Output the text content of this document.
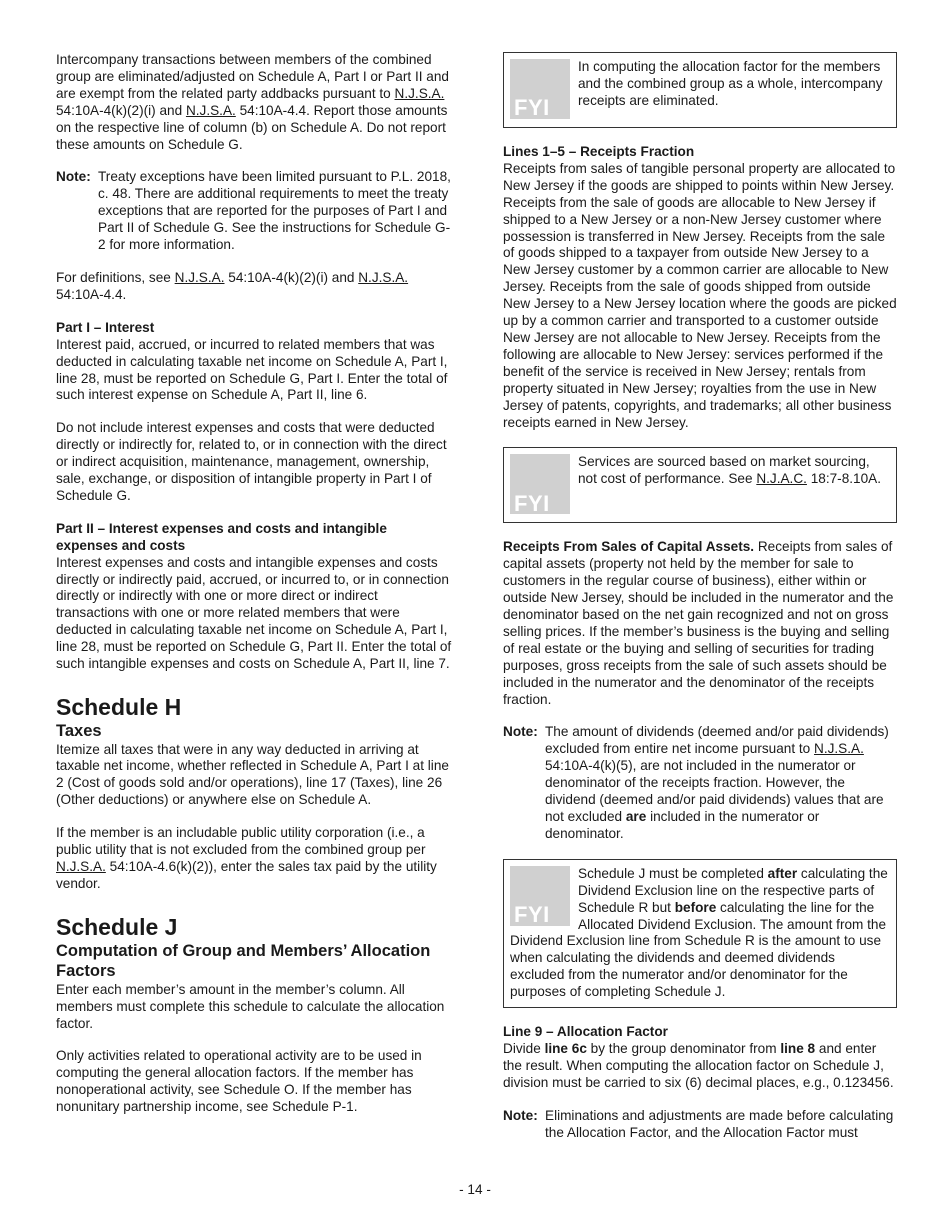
Intercompany transactions between members of the combined group are eliminated/adjusted on Schedule A, Part I or Part II and are exempt from the related party addbacks pursuant to N.J.S.A. 54:10A-4(k)(2)(i) and N.J.S.A. 54:10A-4.4. Report those amounts on the respective line of column (b) on Schedule A. Do not report these amounts on Schedule G.

Note: Treaty exceptions have been limited pursuant to P.L. 2018, c. 48. There are additional requirements to meet the treaty exceptions that are reported for the purposes of Part I and Part II of Schedule G. See the instructions for Schedule G-2 for more information.

For definitions, see N.J.S.A. 54:10A-4(k)(2)(i) and N.J.S.A. 54:10A-4.4.

Part I – Interest

Interest paid, accrued, or incurred to related members that was deducted in calculating taxable net income on Schedule A, Part I, line 28, must be reported on Schedule G, Part I. Enter the total of such interest expense on Schedule A, Part II, line 6.

Do not include interest expenses and costs that were deducted directly or indirectly for, related to, or in connection with the direct or indirect acquisition, maintenance, management, ownership, sale, exchange, or disposition of intangible property in Part I of Schedule G.

Part II – Interest expenses and costs and intangible expenses and costs

Interest expenses and costs and intangible expenses and costs directly or indirectly paid, accrued, or incurred to, or in connection directly or indirectly with one or more direct or indirect transactions with one or more related members that were deducted in calculating taxable net income on Schedule A, Part I, line 28, must be reported on Schedule G, Part II. Enter the total of such intangible expenses and costs on Schedule A, Part II, line 7.

Schedule H
Taxes

Itemize all taxes that were in any way deducted in arriving at taxable net income, whether reflected in Schedule A, Part I at line 2 (Cost of goods sold and/or operations), line 17 (Taxes), line 26 (Other deductions) or anywhere else on Schedule A.

If the member is an includable public utility corporation (i.e., a public utility that is not excluded from the combined group per N.J.S.A. 54:10A-4.6(k)(2)), enter the sales tax paid by the utility vendor.

Schedule J
Computation of Group and Members’ Allocation Factors

Enter each member’s amount in the member’s column. All members must complete this schedule to calculate the allocation factor.

Only activities related to operational activity are to be used in computing the general allocation factors. If the member has nonoperational activity, see Schedule O. If the member has nonunitary partnership income, see Schedule P-1.

FYI

In computing the allocation factor for the members and the combined group as a whole, intercompany receipts are eliminated.

Lines 1–5 – Receipts Fraction

Receipts from sales of tangible personal property are allocated to New Jersey if the goods are shipped to points within New Jersey. Receipts from the sale of goods are allocable to New Jersey if shipped to a New Jersey or a non-New Jersey customer where possession is transferred in New Jersey. Receipts from the sale of goods shipped to a taxpayer from outside New Jersey to a New Jersey customer by a common carrier are allocable to New Jersey. Receipts from the sale of goods shipped from outside New Jersey to a New Jersey location where the goods are picked up by a common carrier and transported to a customer outside New Jersey are not allocable to New Jersey. Receipts from the following are allocable to New Jersey: services performed if the benefit of the service is received in New Jersey; rentals from property situated in New Jersey; royalties from the use in New Jersey of patents, copyrights, and trademarks; all other business receipts earned in New Jersey.

FYI

Services are sourced based on market sourcing, not cost of performance. See N.J.A.C. 18:7-8.10A.

Receipts From Sales of Capital Assets. Receipts from sales of capital assets (property not held by the member for sale to customers in the regular course of business), either within or outside New Jersey, should be included in the numerator and the denominator based on the net gain recognized and not on gross selling prices. If the member’s business is the buying and selling of real estate or the buying and selling of securities for trading purposes, gross receipts from the sale of such assets should be included in the numerator and the denominator of the receipts fraction.

Note: The amount of dividends (deemed and/or paid dividends) excluded from entire net income pursuant to N.J.S.A. 54:10A-4(k)(5), are not included in the numerator or denominator of the receipts fraction. However, the dividend (deemed and/or paid dividends) values that are not excluded are included in the numerator or denominator.
FYI

Schedule J must be completed after calculating the Dividend Exclusion line on the respective parts of Schedule R but before calculating the line for the Allocated Dividend Exclusion. The amount from the Dividend Exclusion line from Schedule R is the amount to use when calculating the dividends and deemed dividends excluded from the numerator and/or denominator for the purposes of completing Schedule J.

Line 9 – Allocation Factor

Divide line 6c by the group denominator from line 8 and enter the result. When computing the allocation factor on Schedule J, division must be carried to six (6) decimal places, e.g., 0.123456.

Note: Eliminations and adjustments are made before calculating the Allocation Factor, and the Allocation Factor must
- 14 -
